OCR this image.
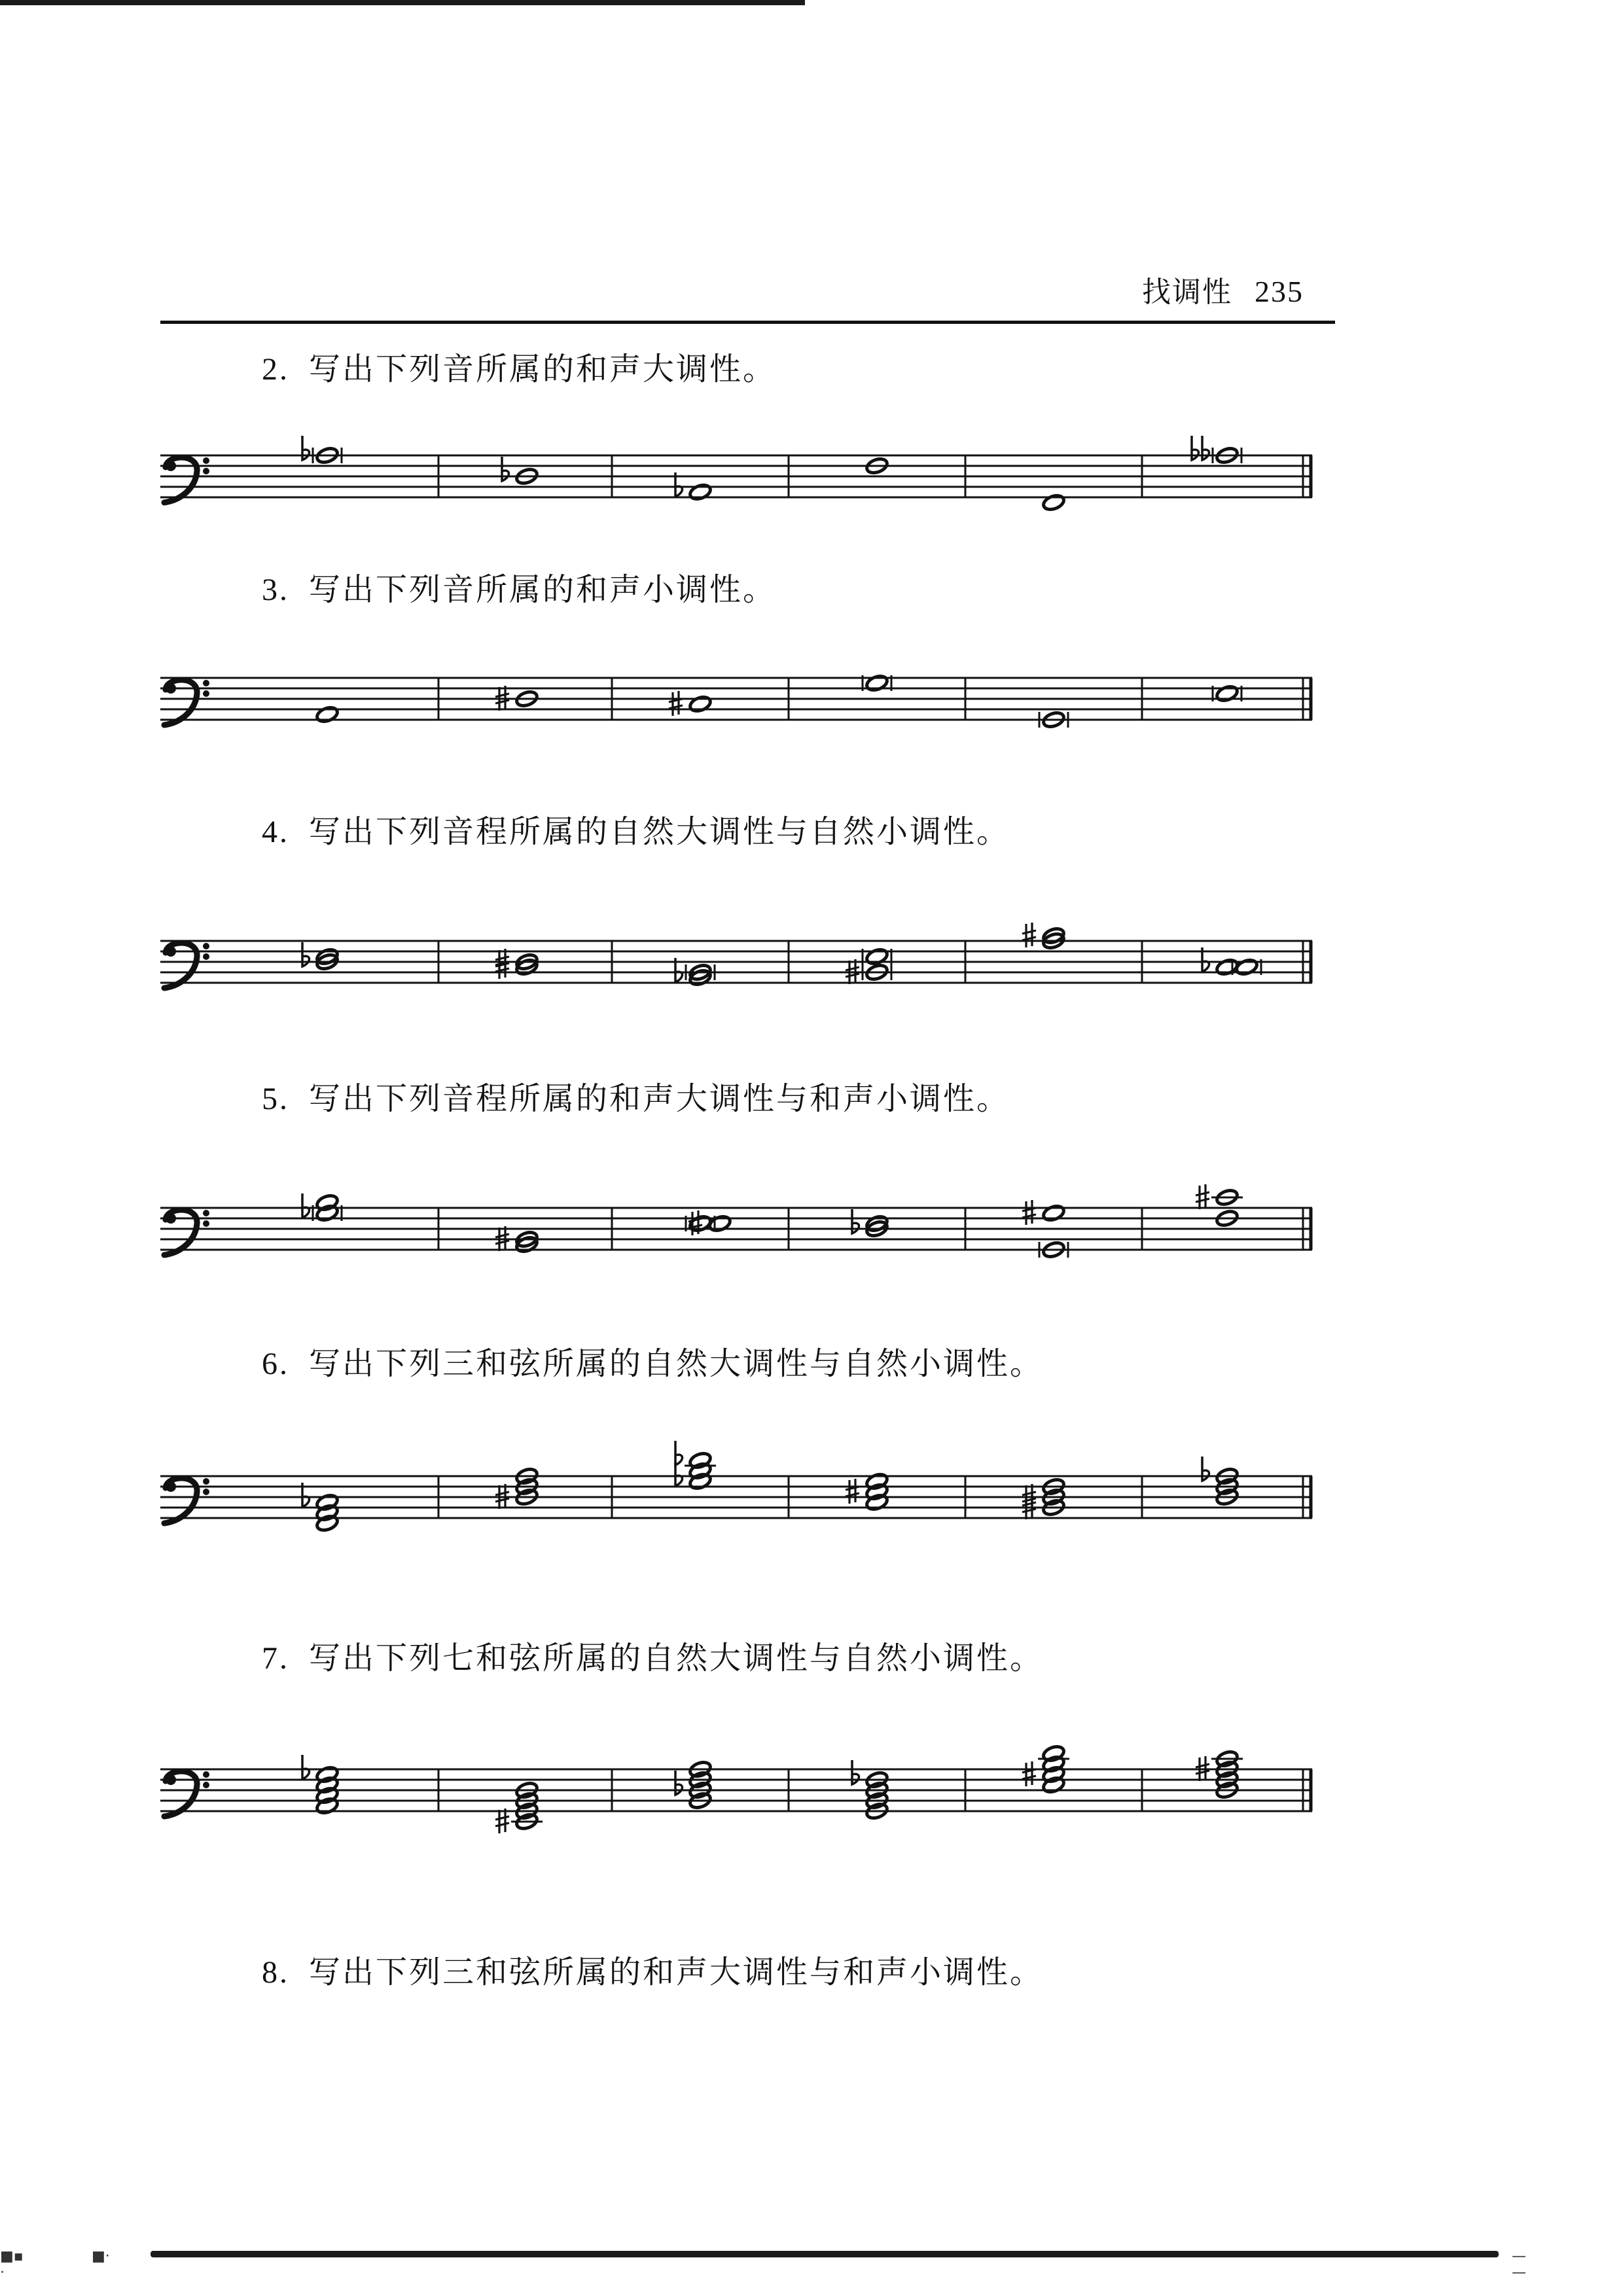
找调性 235
2. 写出下列音所属的和声大调性。
3. 写出下列音所属的和声小调性。
4. 写出下列音程所属的自然大调性与自然小调性。
5. 写出下列音程所属的和声大调性与和声小调性。
6. 写出下列三和弦所属的自然大调性与自然小调性。
7. 写出下列七和弦所属的自然大调性与自然小调性。
8. 写出下列三和弦所属的和声大调性与和声小调性。
■▪ ·
■·	— —
